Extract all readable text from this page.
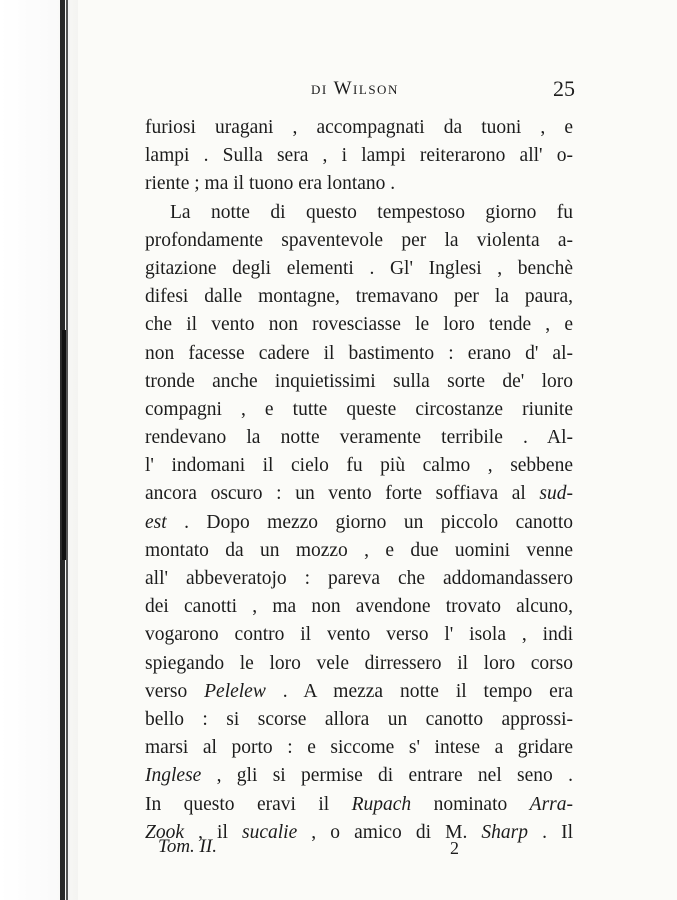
di Wilson	25
furiosi uragani , accompagnati da tuoni , e
lampi . Sulla sera , i lampi reiterarono all' o-
riente ; ma il tuono era lontano .
La notte di questo tempestoso giorno fu
profondamente spaventevole per la violenta a-
gitazione degli elementi . Gl' Inglesi , benchè
difesi dalle montagne, tremavano per la paura,
che il vento non rovesciasse le loro tende , e
non facesse cadere il bastimento : erano d' al-
tronde anche inquietissimi sulla sorte de' loro
compagni , e tutte queste circostanze riunite
rendevano la notte veramente terribile . Al-
l' indomani il cielo fu più calmo , sebbene
ancora oscuro : un vento forte soffiava al sud-
est . Dopo mezzo giorno un piccolo canotto
montato da un mozzo , e due uomini venne
all' abbeveratojo : pareva che addomandassero
dei canotti , ma non avendone trovato alcuno,
vogarono contro il vento verso l' isola , indi
spiegando le loro vele dirressero il loro corso
verso Pelelew . A mezza notte il tempo era
bello : si scorse allora un canotto approssi-
marsi al porto : e siccome s' intese a gridare
Inglese , gli si permise di entrare nel seno .
In questo eravi il Rupach nominato Arra-
Zook , il sucalie , o amico di M. Sharp . Il
Tom. II.	2
